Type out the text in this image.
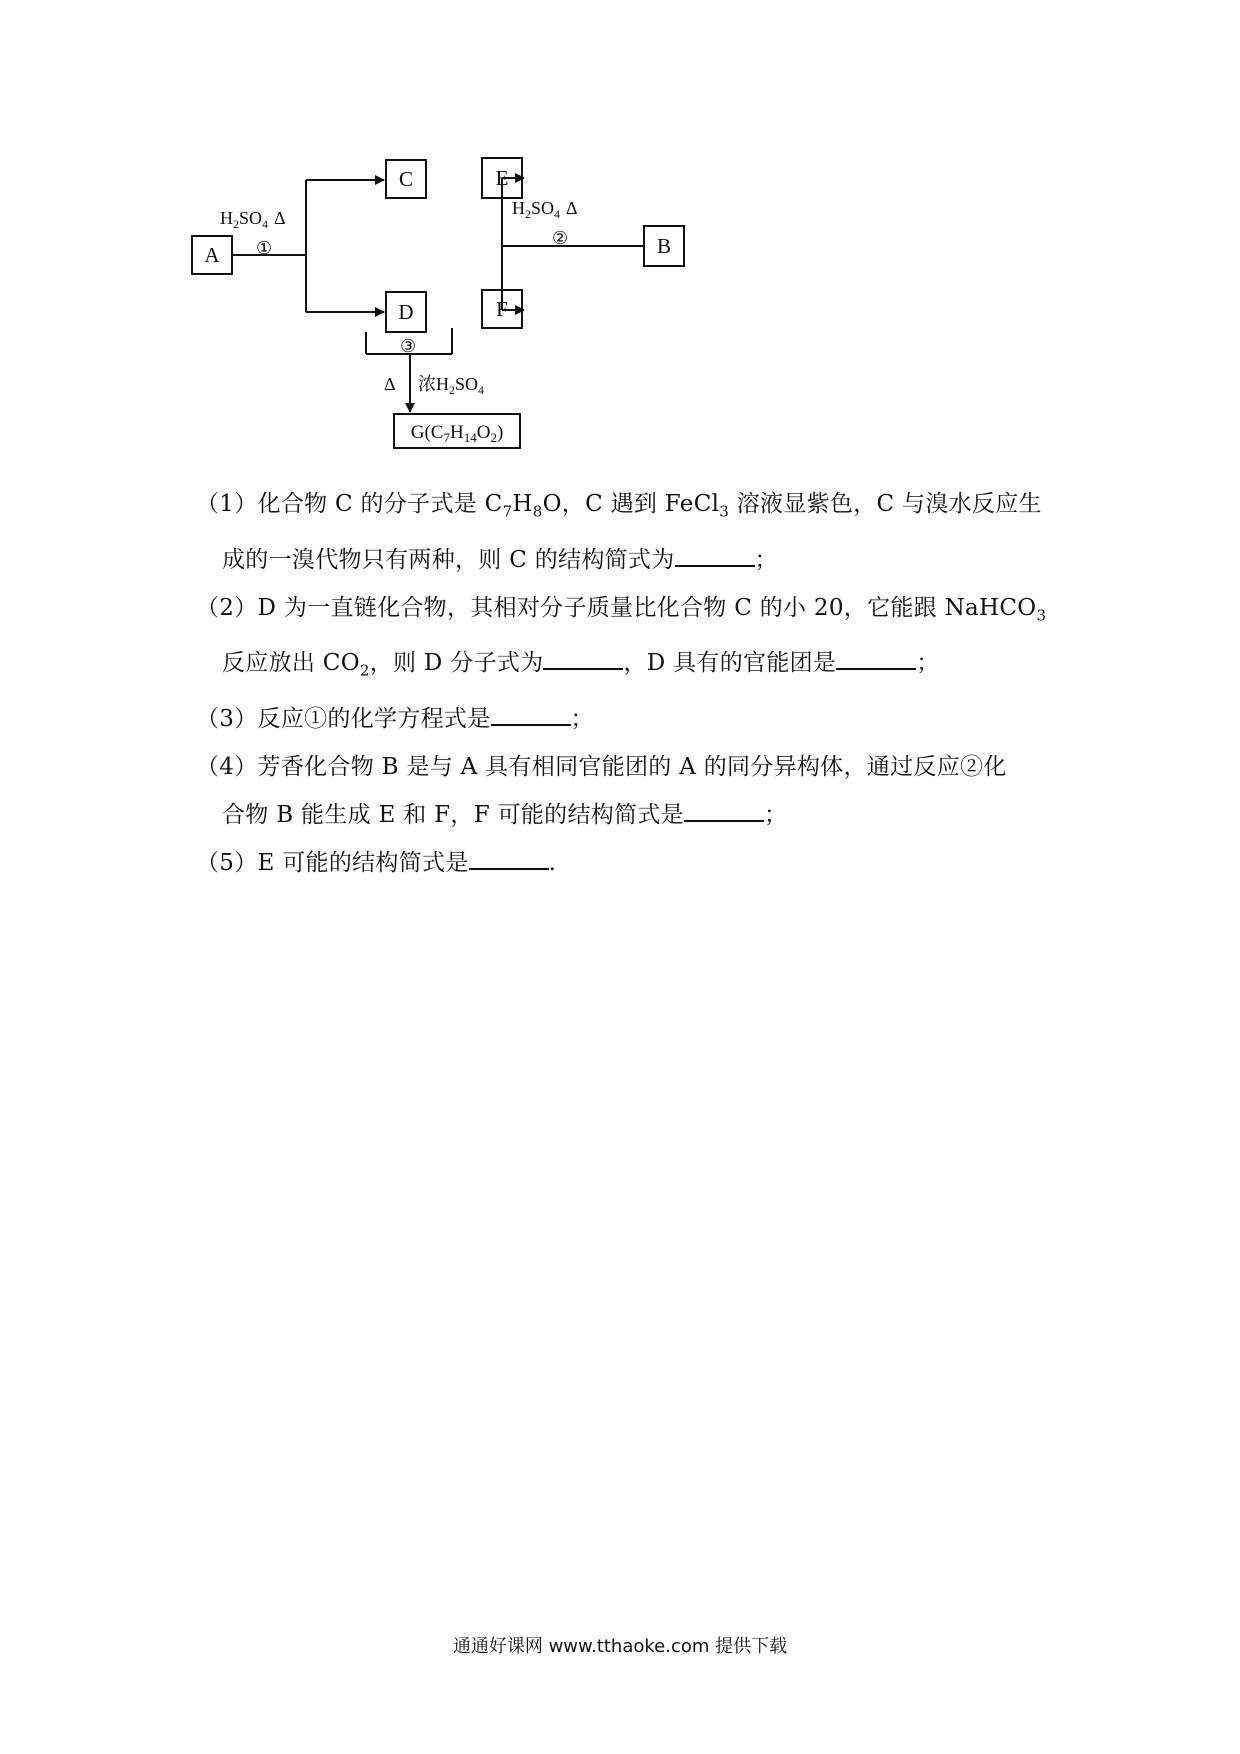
A
C	E
B
D	F
G(C7H14O2)
H2SO4 Δ
①
H2SO4 Δ
②
③
Δ 浓H2SO4
（1）化合物 C 的分子式是 $C_7H_8O$，C 遇到 FeCl$_3$ 溶液显紫色，C 与溴水反应生
成的一溴代物只有两种，则 C 的结构简式为	；
（2）D 为一直链化合物，其相对分子质量比化合物 C 的小 20，它能跟 NaHCO$_3$
反应放出 $CO_2$，则 D 分子式为	，D 具有的官能团是	；
（3）反应①的化学方程式是	；
（4）芳香化合物 B 是与 A 具有相同官能团的 A 的同分异构体，通过反应②化
合物 B 能生成 E 和 F，F 可能的结构简式是	；
（5）E 可能的结构简式是	.
通通好课网 www.tthaoke.com 提供下载
